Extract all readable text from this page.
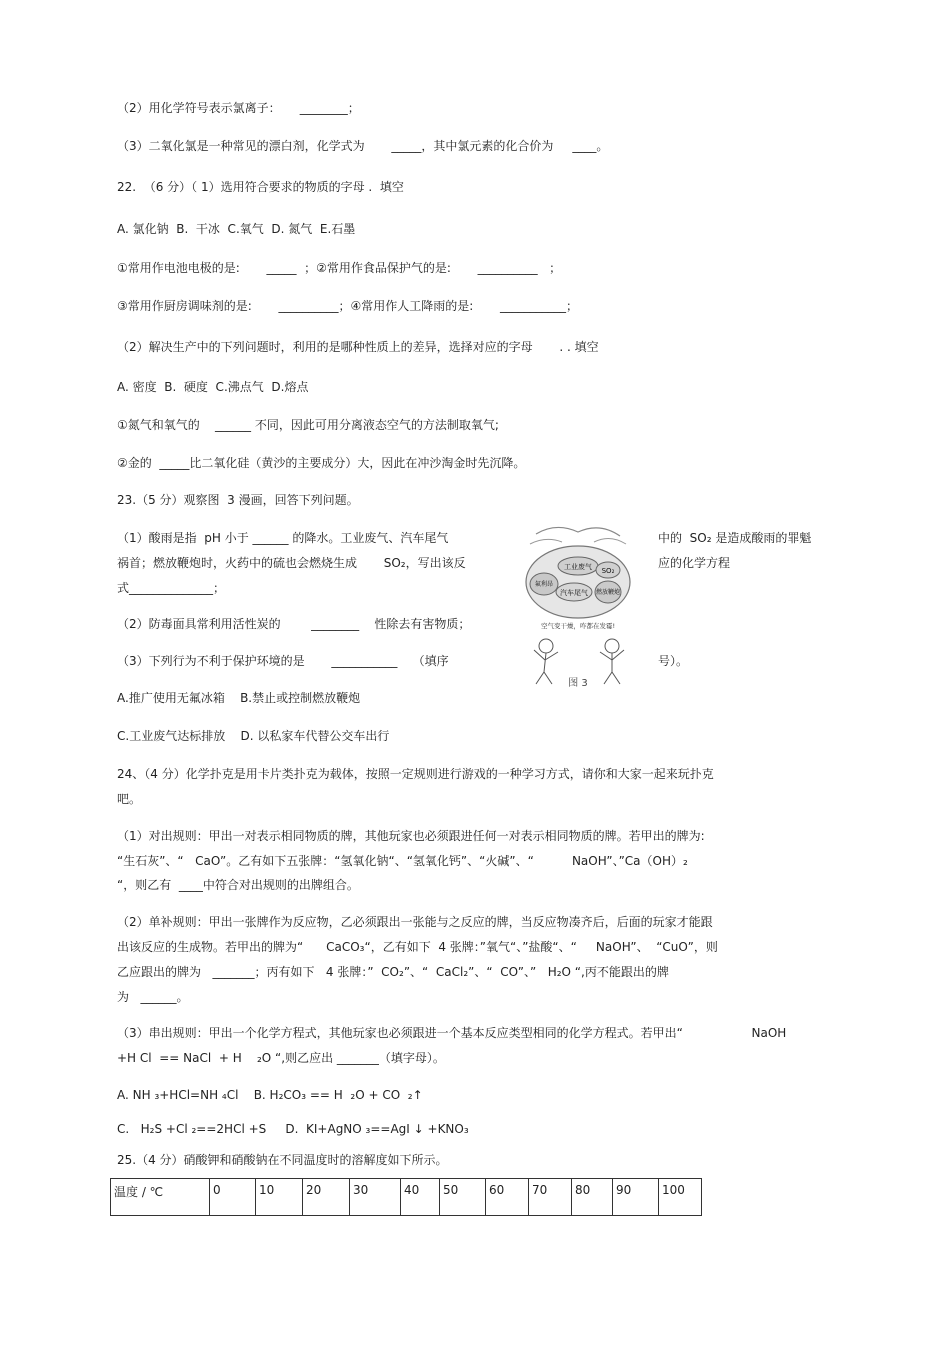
（2）用化学符号表示氯离子：     ________；
（3）二氧化氯是一种常见的漂白剂，化学式为       _____，其中氯元素的化合价为     ____。
22.  （6 分）（ 1）选用符合要求的物质的字母 .  填空
A. 氯化钠  B.  干冰  C.氧气  D. 氮气  E.石墨
①常用作电池电极的是:       _____  ；②常用作食品保护气的是:       __________   ；
③常用作厨房调味剂的是:       __________；④常用作人工降雨的是:       ___________；
（2）解决生产中的下列问题时，利用的是哪种性质上的差异，选择对应的字母       . . 填空
A. 密度  B.  硬度  C.沸点气  D.熔点
①氮气和氧气的    ______ 不同，因此可用分离液态空气的方法制取氧气;
②金的  _____比二氧化硅（黄沙的主要成分）大，因此在冲沙淘金时先沉降。
23.（5 分）观察图  3 漫画，回答下列问题。
（1）酸雨是指  pH 小于 ______ 的降水。工业废气、汽车尾气	中的  SO₂ 是造成酸雨的罪魁
祸首；燃放鞭炮时，火药中的硫也会燃烧生成       SO₂，写出该反	应的化学方程
式______________；
（2）防毒面具常利用活性炭的        ________    性除去有害物质；
（3）下列行为不利于保护环境的是       ___________    （填序	号）。
工业废气 SO₂
氟利昂
汽车尾气 燃放鞭炮
空气变干燥，咋都在发霉!
图 3
A.推广使用无氟冰箱    B.禁止或控制燃放鞭炮
C.工业废气达标排放    D. 以私家车代替公交车出行
24、（4 分）化学扑克是用卡片类扑克为载体，按照一定规则进行游戏的一种学习方式，请你和大家一起来玩扑克
吧。
（1）对出规则：甲出一对表示相同物质的牌，其他玩家也必须跟进任何一对表示相同物质的牌。若甲出的牌为:
“生石灰”、“   CaO”。乙有如下五张牌：“氢氧化钠“、“氢氧化钙”、“火碱”、“          NaOH”、”Ca（OH）₂
“，则乙有  ____中符合对出规则的出牌组合。
（2）单补规则：甲出一张牌作为反应物，乙必须跟出一张能与之反应的牌，当反应物凑齐后，后面的玩家才能跟
出该反应的生成物。若甲出的牌为“      CaCO₃“，乙有如下  4 张牌：”氧气“、”盐酸“、“     NaOH”、  “CuO”，则
乙应跟出的牌为   _______；丙有如下   4 张牌：”  CO₂”、“  CaCl₂”、“  CO”、”   H₂O “,丙不能跟出的牌
为   ______。
（3）串出规则：甲出一个化学方程式，其他玩家也必须跟进一个基本反应类型相同的化学方程式。若甲出“                  NaOH
+H Cl  == NaCl  + H    ₂O “,则乙应出 _______（填字母）。
A. NH ₃+HCl=NH ₄Cl    B. H₂CO₃ == H  ₂O + CO  ₂↑
C.   H₂S +Cl ₂==2HCl +S     D.  KI+AgNO ₃==AgI ↓ +KNO₃
25.（4 分）硝酸钾和硝酸钠在不同温度时的溶解度如下所示。
温度 / ℃	0	10	20	30	40	50	60	70	80	90	100
